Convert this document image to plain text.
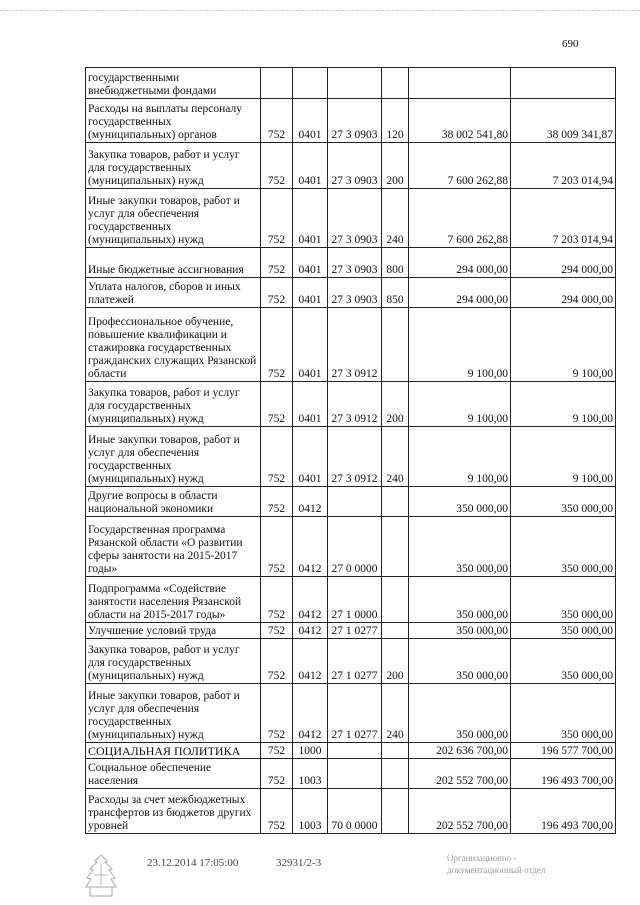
690
государственными внебюджетными фондами						
Расходы на выплаты персоналу государственных (муниципальных) органов	752	0401	27 3 0903	120	38 002 541,80	38 009 341,87
Закупка товаров, работ и услуг для государственных (муниципальных) нужд	752	0401	27 3 0903	200	7 600 262,88	7 203 014,94
Иные закупки товаров, работ и услуг для обеспечения государственных (муниципальных) нужд	752	0401	27 3 0903	240	7 600 262,88	7 203 014,94
Иные бюджетные ассигнования	752	0401	27 3 0903	800	294 000,00	294 000,00
Уплата налогов, сборов и иных платежей	752	0401	27 3 0903	850	294 000,00	294 000,00
Профессиональное обучение, повышение квалификации и стажировка государственных гражданских служащих Рязанской области	752	0401	27 3 0912		9 100,00	9 100,00
Закупка товаров, работ и услуг для государственных (муниципальных) нужд	752	0401	27 3 0912	200	9 100,00	9 100,00
Иные закупки товаров, работ и услуг для обеспечения государственных (муниципальных) нужд	752	0401	27 3 0912	240	9 100,00	9 100,00
Другие вопросы в области национальной экономики	752	0412			350 000,00	350 000,00
Государственная программа Рязанской области «О развитии сферы занятости на 2015-2017 годы»	752	0412	27 0 0000		350 000,00	350 000,00
Подпрограмма «Содействие занятости населения Рязанской области на 2015-2017 годы»	752	0412	27 1 0000		350 000,00	350 000,00
Улучшение условий труда	752	0412	27 1 0277		350 000,00	350 000,00
Закупка товаров, работ и услуг для государственных (муниципальных) нужд	752	0412	27 1 0277	200	350 000,00	350 000,00
Иные закупки товаров, работ и услуг для обеспечения государственных (муниципальных) нужд	752	0412	27 1 0277	240	350 000,00	350 000,00
СОЦИАЛЬНАЯ ПОЛИТИКА	752	1000			202 636 700,00	196 577 700,00
Социальное обеспечение населения	752	1003			202 552 700,00	196 493 700,00
Расходы за счет межбюджетных трансфертов из бюджетов других уровней	752	1003	70 0 0000		202 552 700,00	196 493 700,00
23.12.2014 17:05:00	32931/2-3	Организационно -
документационный отдел
